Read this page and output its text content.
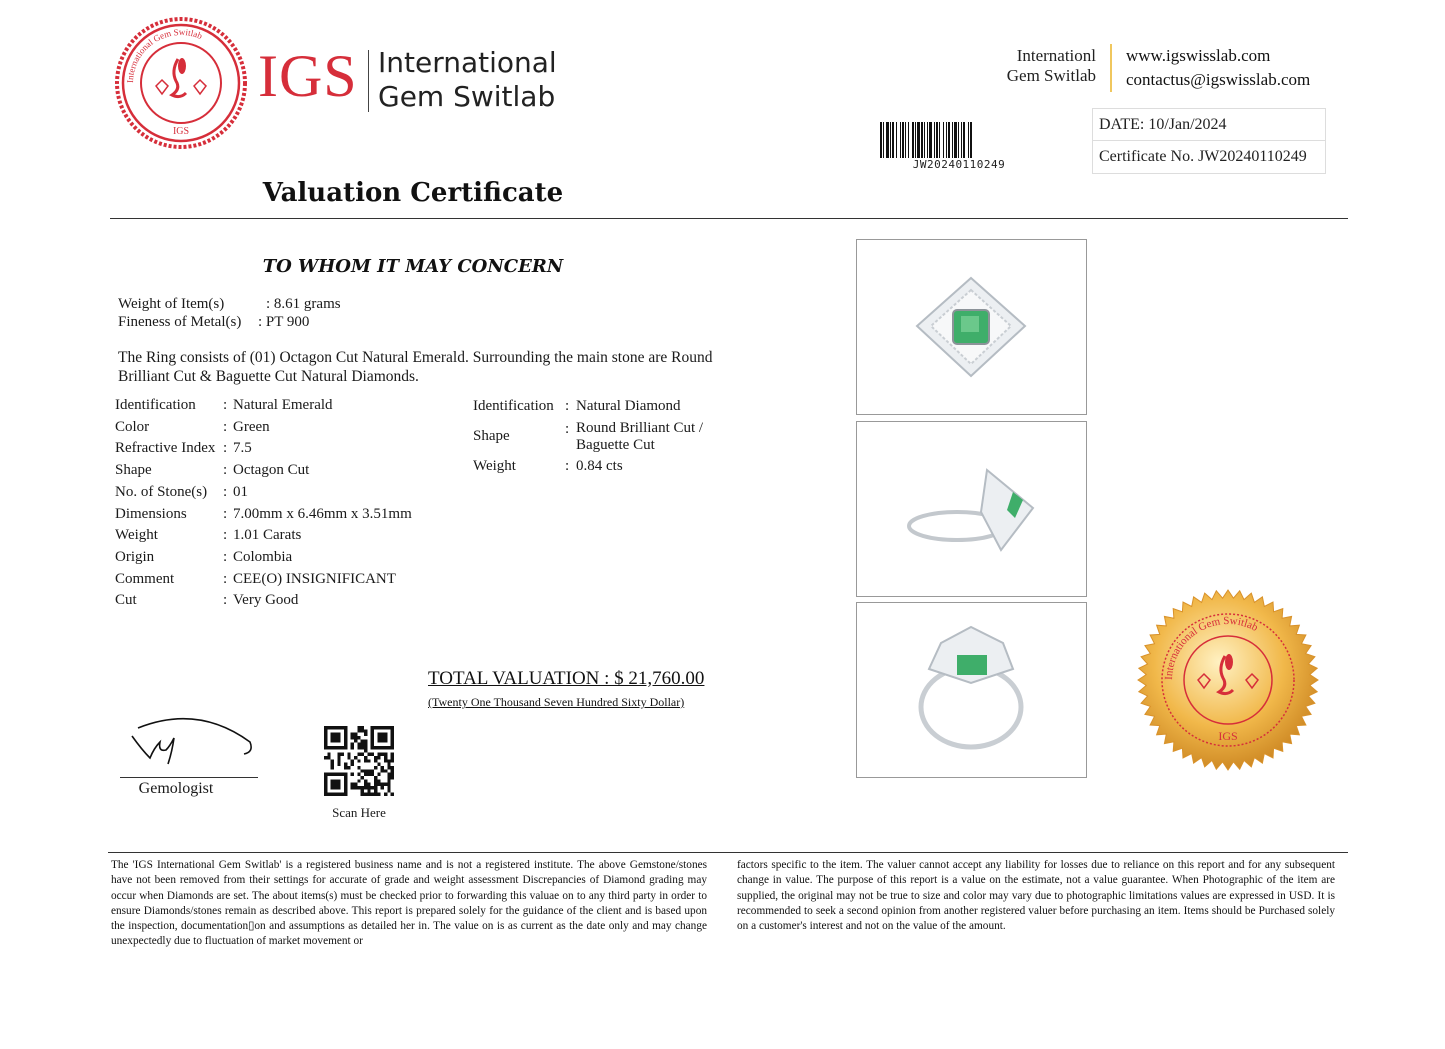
International Gem Switlab
IGS
IGS International
Gem Switlab
Internationl
Gem Switlab
www.igswisslab.com
contactus@igswisslab.com
JW20240110249
DATE: 10/Jan/2024
Certificate No. JW20240110249
Valuation Certificate
TO WHOM IT MAY CONCERN
Weight of Item(s)	: 8.61 grams
Fineness of Metal(s) : PT 900
The Ring consists of (01) Octagon Cut Natural Emerald. Surrounding the main stone are Round Brilliant Cut & Baguette Cut Natural Diamonds.
Identification : Natural Emerald
Color	: Green
Refractive Index : 7.5
Shape	: Octagon Cut
No. of Stone(s) : 01
Dimensions : 7.00mm x 6.46mm x 3.51mm
Weight	: 1.01 Carats
Origin	: Colombia
Comment	: CEE(O) INSIGNIFICANT
Cut	: Very Good
Identification : Natural Diamond
Shape	: Round Brilliant Cut /
Baguette Cut
Weight	: 0.84 cts
TOTAL VALUATION : $ 21,760.00
(Twenty One Thousand Seven Hundred Sixty Dollar)
Gemologist
Scan Here
International Gem Switlab
IGS
The 'IGS International Gem Switlab' is a registered business name and is not a registered institute. The above Gemstone/stones have not been removed from their settings for accurate of grade and weight assessment Discrepancies of Diamond grading may occur when Diamonds are set. The about items(s) must be checked prior to forwarding this valuae on to any third party in order to ensure Diamonds/stones remain as described above. This report is prepared solely for the guidance of the client and is based upon the inspection, documentation▯on and assumptions as detailed her in. The value on is as current as the date only and may change unexpectedly due to fluctuation of market movement or
factors specific to the item. The valuer cannot accept any liability for losses due to reliance on this report and for any subsequent change in value. The purpose of this report is a value on the estimate, not a value guarantee. When Photographic of the item are supplied, the original may not be true to size and color may vary due to photographic limitations values are expressed in USD. It is recommended to seek a second opinion from another registered valuer before purchasing an item. Items should be Purchased solely on a customer's interest and not on the value of the amount.
